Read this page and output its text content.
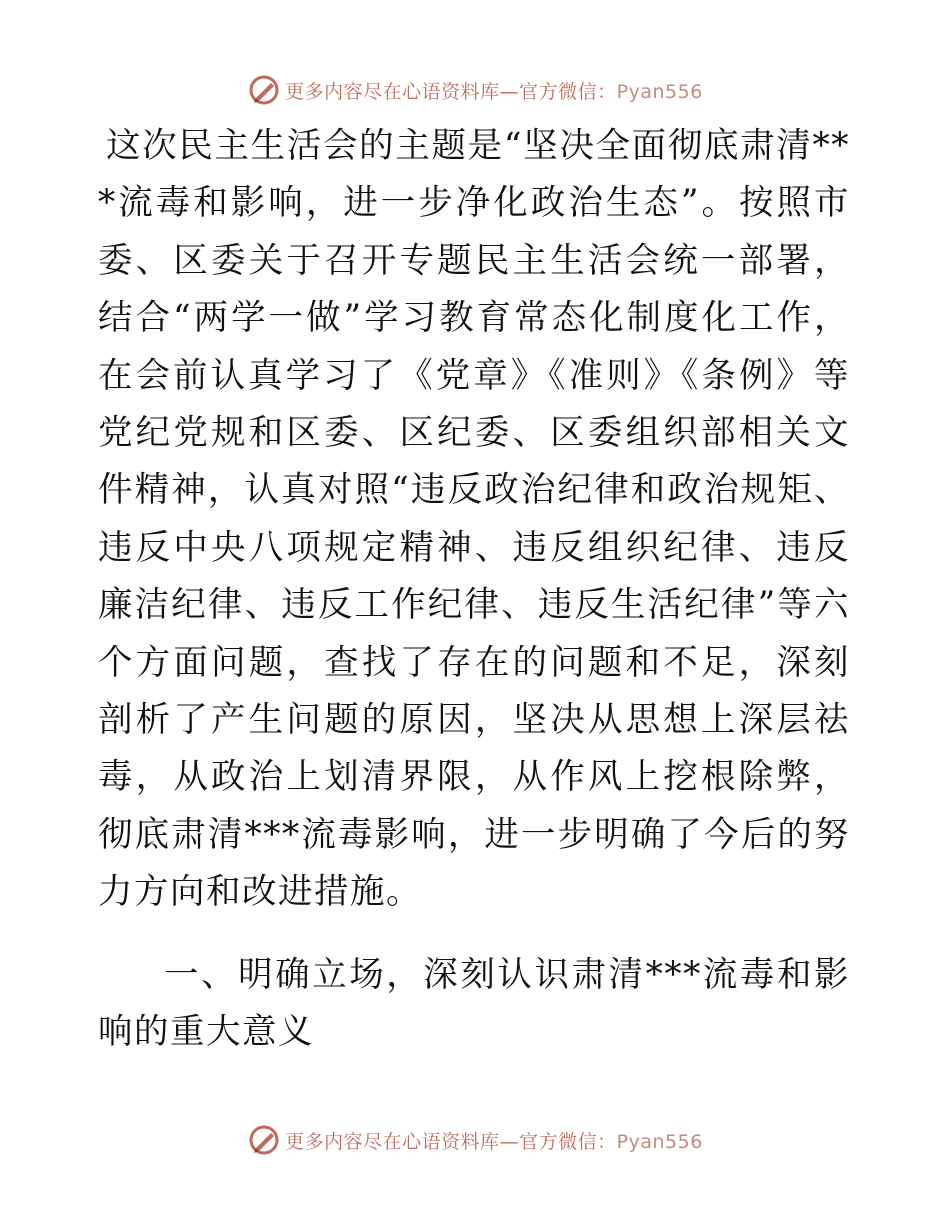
更多内容尽在心语资料库—官方微信：Pyan556

这次民主生活会的主题是“坚决全面彻底肃清***流毒和影响，进一步净化政治生态”。按照市委、区委关于召开专题民主生活会统一部署，结合“两学一做”学习教育常态化制度化工作，在会前认真学习了《党章》《准则》《条例》等党纪党规和区委、区纪委、区委组织部相关文件精神，认真对照“违反政治纪律和政治规矩、违反中央八项规定精神、违反组织纪律、违反廉洁纪律、违反工作纪律、违反生活纪律”等六个方面问题，查找了存在的问题和不足，深刻剖析了产生问题的原因，坚决从思想上深层祛毒，从政治上划清界限，从作风上挖根除弊，彻底肃清***流毒影响，进一步明确了今后的努力方向和改进措施。

一、明确立场，深刻认识肃清***流毒和影响的重大意义

更多内容尽在心语资料库—官方微信：Pyan556
